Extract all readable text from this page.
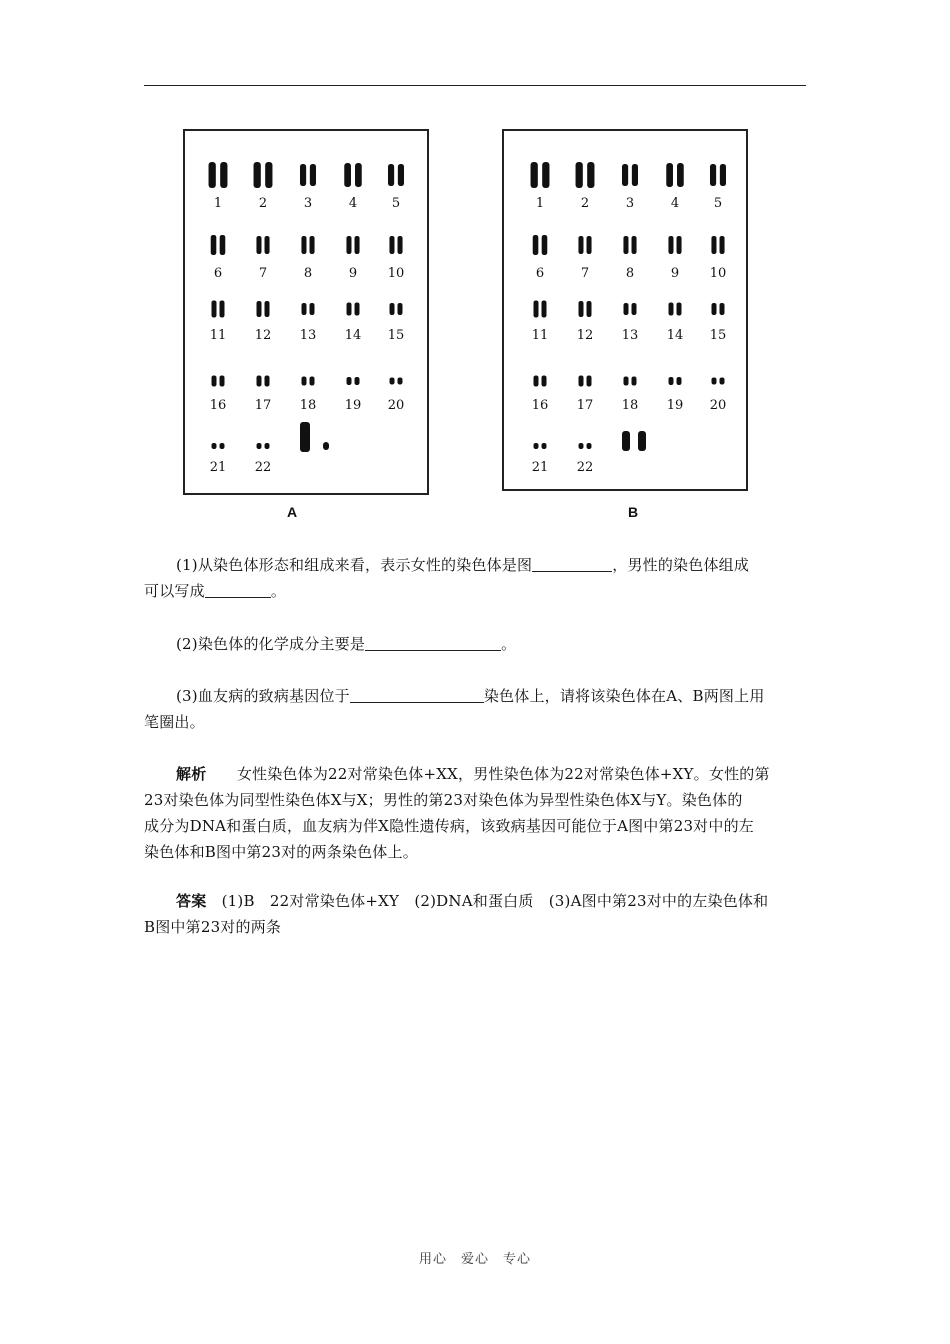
1	2	3	4	5
6	7	8	9 10
11 12 13 14 15
16 17 18 19 20
21 22
1	2	3	4	5
6	7	8	9 10
11 12 13 14 15
16 17 18 19 20
21 22
A	B
(1)从染色体形态和组成来看，表示女性的染色体是图	，男性的染色体组成
可以写成	。
(2)染色体的化学成分主要是	。
(3)血友病的致病基因位于	染色体上，请将该染色体在A、B两图上用
笔圈出。
解析　　 女性染色体为22对常染色体+XX，男性染色体为22对常染色体+XY。女性的第
23对染色体为同型性染色体X与X；男性的第23对染色体为异型性染色体X与Y。染色体的
成分为DNA和蛋白质，血友病为伴X隐性遗传病，该致病基因可能位于A图中第23对中的左
染色体和B图中第23对的两条染色体上。
答案　 (1)B　22对常染色体+XY　(2)DNA和蛋白质　(3)A图中第23对中的左染色体和
B图中第23对的两条
用心　爱心　专心
